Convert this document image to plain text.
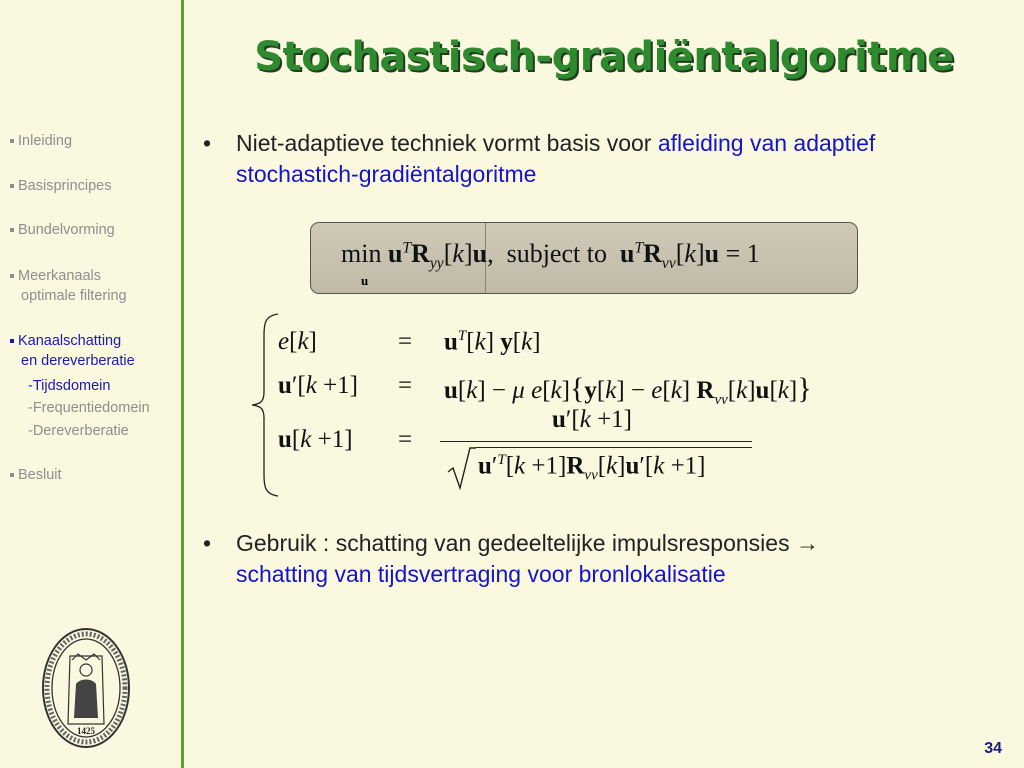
Stochastisch-gradiëntalgoritme
Inleiding
Basisprincipes
Bundelvorming
Meerkanaals
optimale filtering
Kanaalschatting
en dereverberatie
-Tijdsdomein
-Frequentiedomein
-Dereverberatie
Besluit
• Niet-adaptieve techniek vormt basis voor afleiding van adaptief stochastich-gradiëntalgoritme
$\min u^TR_{yy}[k]u$,  subject to  $u^TR_{vv}[k]u = 1$
u
e[k]	= $u^T[k]$ y[k]
u′[k +1] = u[k] − μ e[k]{y[k] − e[k] $R_{vv}[k]u[k]$}
u[k +1] =
u′[k +1]
$u'^T[k +1]R_{vv}[k]u'[k +1]$
• Gebruik : schatting van gedeeltelijke impulsresponsies →
schatting van tijdsvertraging voor bronlokalisatie
1425
34
